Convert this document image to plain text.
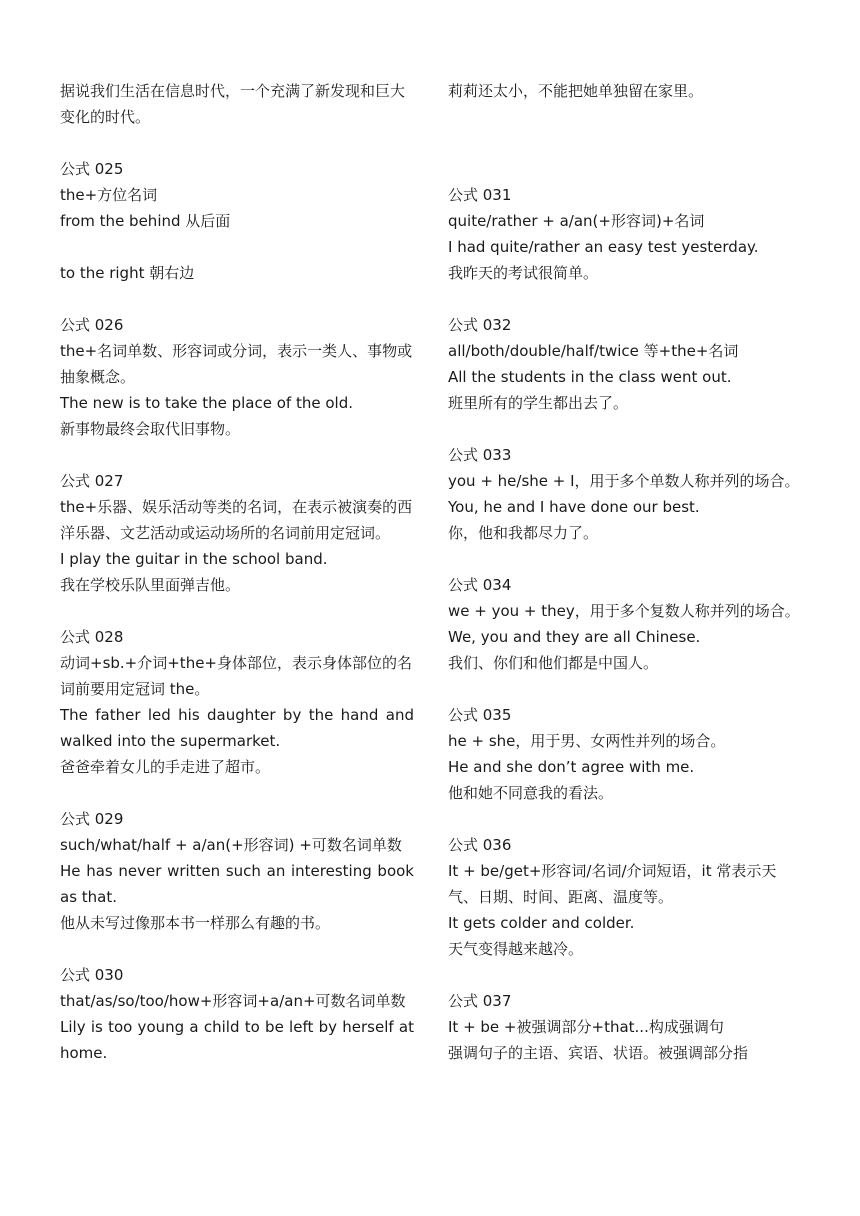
据说我们生活在信息时代，一个充满了新发现和巨大变化的时代。

公式 025

the+方位名词

from the behind 从后面

to the right 朝右边

公式 026

the+名词单数、形容词或分词，表示一类人、事物或抽象概念。

The new is to take the place of the old.

新事物最终会取代旧事物。

公式 027

the+乐器、娱乐活动等类的名词，在表示被演奏的西洋乐器、文艺活动或运动场所的名词前用定冠词。

I play the guitar in the school band.

我在学校乐队里面弹吉他。

公式 028

动词+sb.+介词+the+身体部位，表示身体部位的名词前要用定冠词 the。

The father led his daughter by the hand and walked into the supermarket.

爸爸牵着女儿的手走进了超市。

公式 029

such/what/half + a/an(+形容词) +可数名词单数

He has never written such an interesting book as that.

他从未写过像那本书一样那么有趣的书。

公式 030

that/as/so/too/how+形容词+a/an+可数名词单数

Lily is too young a child to be left by herself at home.

莉莉还太小，不能把她单独留在家里。

公式 031

quite/rather + a/an(+形容词)+名词

I had quite/rather an easy test yesterday.

我昨天的考试很简单。

公式 032

all/both/double/half/twice 等+the+名词

All the students in the class went out.

班里所有的学生都出去了。

公式 033

you + he/she + I，用于多个单数人称并列的场合。

You, he and I have done our best.

你，他和我都尽力了。

公式 034

we + you + they，用于多个复数人称并列的场合。

We, you and they are all Chinese.

我们、你们和他们都是中国人。

公式 035

he + she，用于男、女两性并列的场合。

He and she don’t agree with me.

他和她不同意我的看法。

公式 036

It + be/get+形容词/名词/介词短语，it 常表示天气、日期、时间、距离、温度等。

It gets colder and colder.

天气变得越来越冷。

公式 037

It + be +被强调部分+that...构成强调句

强调句子的主语、宾语、状语。被强调部分指
